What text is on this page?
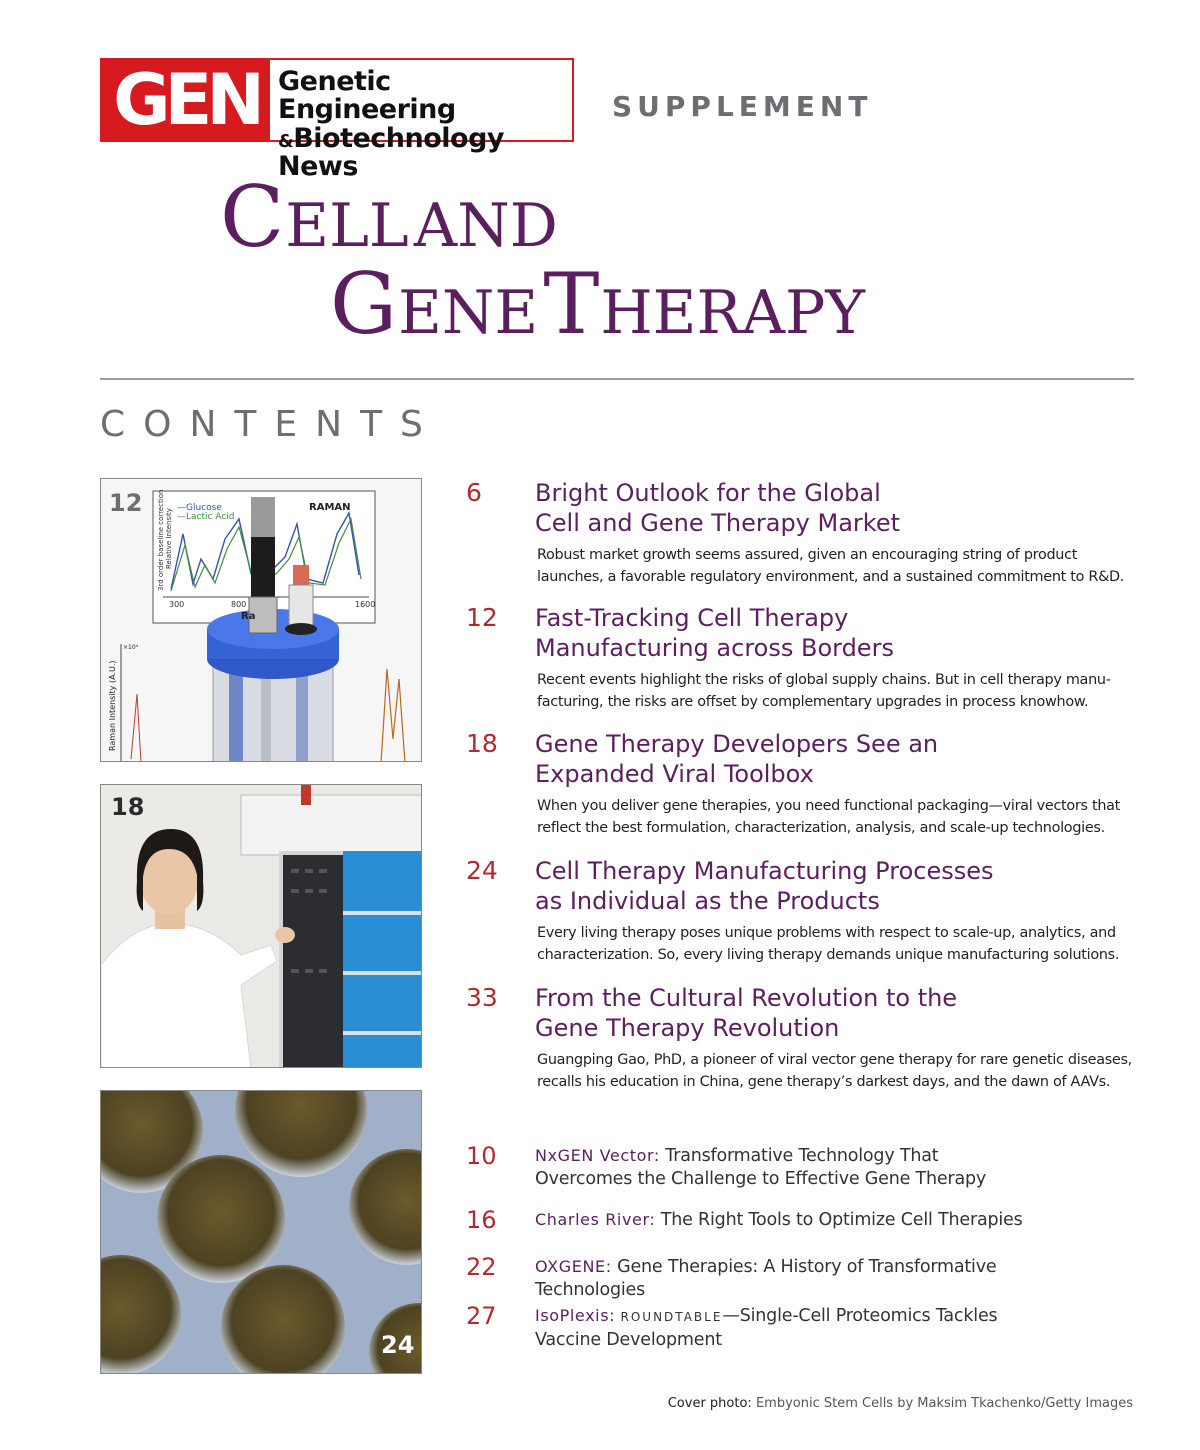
GEN Genetic Engineering
&Biotechnology News
SUPPLEMENT
CELL AND
GENE THERAPY
CONTENTS
—Glucose
—Lactic Acid
RAMAN
3rd order baseline correction Relative Intensity
300	800	1600
Ra
Raman Intensity (A.U.)
×10⁴
12
18
24
6 Bright Outlook for the Global
Cell and Gene Therapy Market
Robust market growth seems assured, given an encouraging string of product
launches, a favorable regulatory environment, and a sustained commitment to R&D.
12 Fast-Tracking Cell Therapy
Manufacturing across Borders
Recent events highlight the risks of global supply chains. But in cell therapy manu-
facturing, the risks are offset by complementary upgrades in process knowhow.
18 Gene Therapy Developers See an
Expanded Viral Toolbox
When you deliver gene therapies, you need functional packaging—viral vectors that
reflect the best formulation, characterization, analysis, and scale-up technologies.
24 Cell Therapy Manufacturing Processes
as Individual as the Products
Every living therapy poses unique problems with respect to scale-up, analytics, and
characterization. So, every living therapy demands unique manufacturing solutions.
33 From the Cultural Revolution to the
Gene Therapy Revolution
Guangping Gao, PhD, a pioneer of viral vector gene therapy for rare genetic diseases,
recalls his education in China, gene therapy’s darkest days, and the dawn of AAVs.
10 NxGEN Vector: Transformative Technology That
Overcomes the Challenge to Effective Gene Therapy
16 Charles River: The Right Tools to Optimize Cell Therapies
22 OXGENE: Gene Therapies: A History of Transformative Technologies
27 IsoPlexis: ROUNDTABLE—Single-Cell Proteomics Tackles
Vaccine Development
Cover photo: Embyonic Stem Cells by Maksim Tkachenko/Getty Images
